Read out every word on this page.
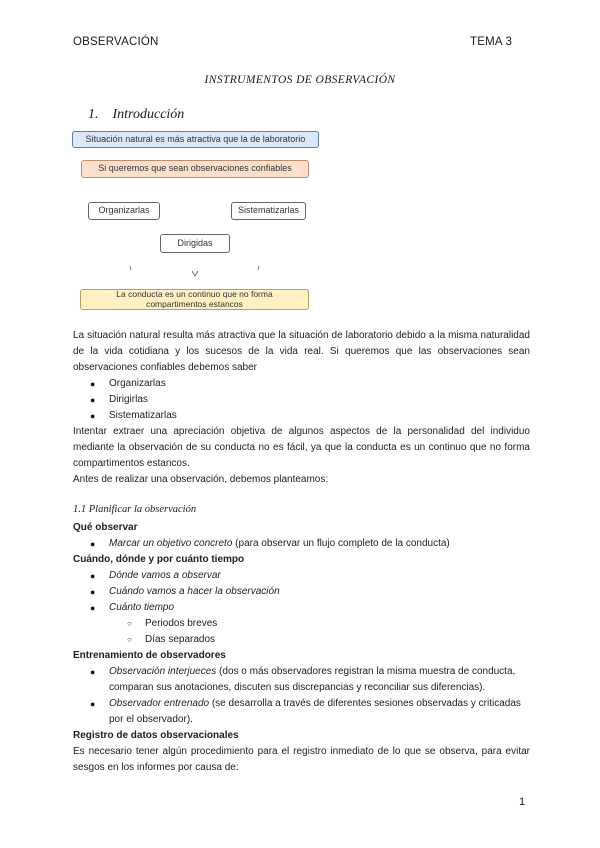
OBSERVACIÓN	TEMA 3
INSTRUMENTOS DE OBSERVACIÓN
1. Introducción
Situación natural es más atractiva que la de laboratorio
Si queremos que sean observaciones confiables
Organizarlas	Sistematizarlas
Dirigidas
La conducta es un continuo que no forma compartimentos estancos
La situación natural resulta más atractiva que la situación de laboratorio debido a la misma naturalidad de la vida cotidiana y los sucesos de la vida real. Si queremos que las observaciones sean observaciones confiables debemos saber
● Organizarlas
● Dirigirlas
● Sistematizarlas
Intentar extraer una apreciación objetiva de algunos aspectos de la personalidad del individuo mediante la observación de su conducta no es fácil, ya que la conducta es un continuo que no forma compartimentos estancos.
Antes de realizar una observación, debemos planteamos:
1.1 Planificar la observación
Qué observar
● Marcar un objetivo concreto (para observar un flujo completo de la conducta)
Cuándo, dónde y por cuánto tiempo
● Dónde vamos a observar
● Cuándo vamos a hacer la observación
● Cuánto tiempo
○ Periodos breves
○ Días separados
Entrenamiento de observadores
● Observación interjueces (dos o más observadores registran la misma muestra de conducta,
comparan sus anotaciones, discuten sus discrepancias y reconciliar sus diferencias).
● Observador entrenado (se desarrolla a través de diferentes sesiones observadas y criticadas
por el observador).
Registro de datos observacionales
Es necesario tener algún procedimiento para el registro inmediato de lo que se observa, para evitar sesgos en los informes por causa de:
1
